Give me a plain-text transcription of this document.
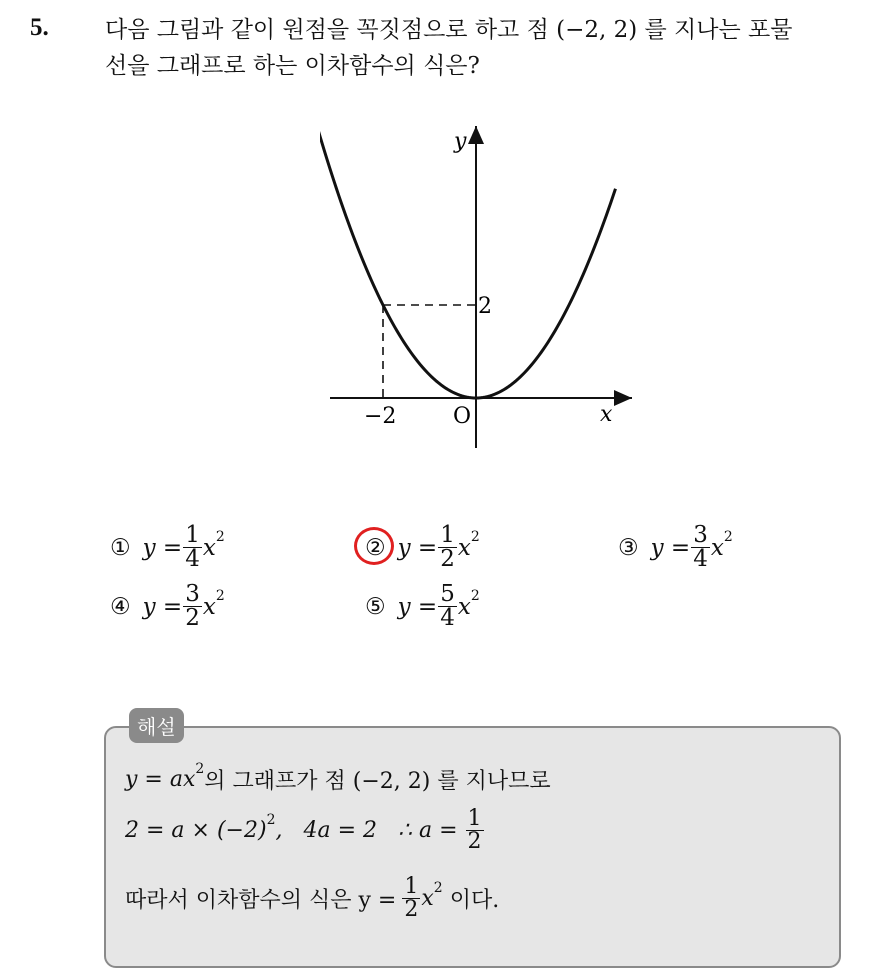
5. 다음 그림과 같이 원점을 꼭짓점으로 하고 점 (−2, 2) 를 지나는 포물
선을 그래프로 하는 이차함수의 식은?
y
x
O
−2
2
① $y = \frac{1}{4}$ x 2	② $y = \frac{1}{2}$ x 2	③ $y = \frac{3}{4}$ x 2
④ $y = \frac{3}{2}$ x 2	⑤ $y = \frac{5}{4}$ x 2
해설
y = ax 2
의 그래프가 점 (−2, 2) 를 지나므로
2 = a × (−2) 2 ,   4a = 2   ∴ $a = \frac{1}{2}$
따라서 이차함수의 식은 $y = \frac{1}{2}$ x 2
이다.
